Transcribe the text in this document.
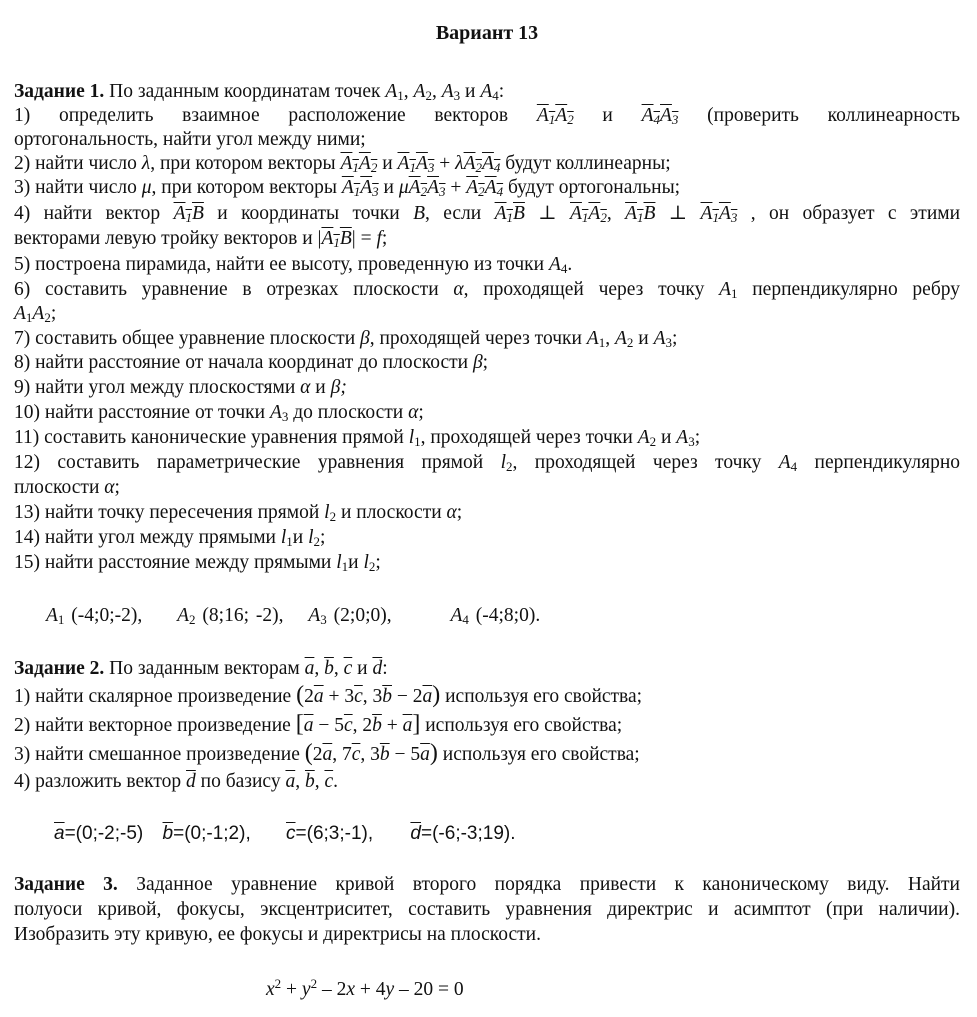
Вариант 13
Задание 1. По заданным координатам точек $A_1$, $A_2$, $A_3$ и $A_4$:
1) определить взаимное расположение векторов $A_1A_2$ и $A_4A_3$ (проверить коллинеарность
ортогональность, найти угол между ними;
2) найти число λ, при котором векторы $A_1A_2$ и $A_1A_3 + \lambda A_2A_4$ будут коллинеарны;
3) найти число μ, при котором векторы $A_1A_3$ и $\mu A_2A_3 + A_2A_4$ будут ортогональны;
4) найти вектор $A_1B$ и координаты точки B, если $A_1B$ ⊥ $A_1A_2$, $A_1B$ ⊥ $A_1A_3$ , он образует с этими
векторами левую тройку векторов и $|A_1B| = f$;
5) построена пирамида, найти ее высоту, проведенную из точки $A_4$.
6) составить уравнение в отрезках плоскости α, проходящей через точку $A_1$ перпендикулярно ребру
$A_1A_2$;
7) составить общее уравнение плоскости β, проходящей через точки $A_1$, $A_2$ и $A_3$;
8) найти расстояние от начала координат до плоскости β;
9) найти угол между плоскостями α и β;
10) найти расстояние от точки $A_3$ до плоскости α;
11) составить канонические уравнения прямой $l_1$, проходящей через точки $A_2$ и $A_3$;
12) составить параметрические уравнения прямой $l_2$, проходящей через точку $A_4$ перпендикулярно
плоскости α;
13) найти точку пересечения прямой $l_2$ и плоскости α;
14) найти угол между прямыми $l_1и$ $l_2$;
15) найти расстояние между прямыми $l_1и$ $l_2$;
$A_1$ (-4;0;-2), $A_2$ (8;16; -2), $A_3$ (2;0;0),	$A_4$ (-4;8;0).
Задание 2. По заданным векторам $\overline{a}$, $\overline{b}$, $\overline{c}$ и $\overline{d}$:
1) найти скалярное произведение ($2\overline{a} + 3\overline{c}$, $3\overline{b} - 2\overline{a}$) используя его свойства;
2) найти векторное произведение [$\overline{a} - 5\overline{c}$, $2\overline{b} + \overline{a}$] используя его свойства;
3) найти смешанное произведение ($2\overline{a}$, $7\overline{c}$, $3\overline{b} - 5\overline{a}$) используя его свойства;
4) разложить вектор $\overline{d}$ по базису $\overline{a}$, $\overline{b}$, $\overline{c}$.
$\overline{a}=(0;-2;-5)$ $\overline{b}=(0;-1;2)$, $\overline{c}=(6;3;-1)$, $\overline{d}=(-6;-3;19)$.
Задание 3. Заданное уравнение кривой второго порядка привести к каноническому виду. Найти
полуоси кривой, фокусы, эксцентриситет, составить уравнения директрис и асимптот (при наличии).
Изобразить эту кривую, ее фокусы и директрисы на плоскости.
$x^2 + y^2 - 2x + 4y - 20 = 0$
